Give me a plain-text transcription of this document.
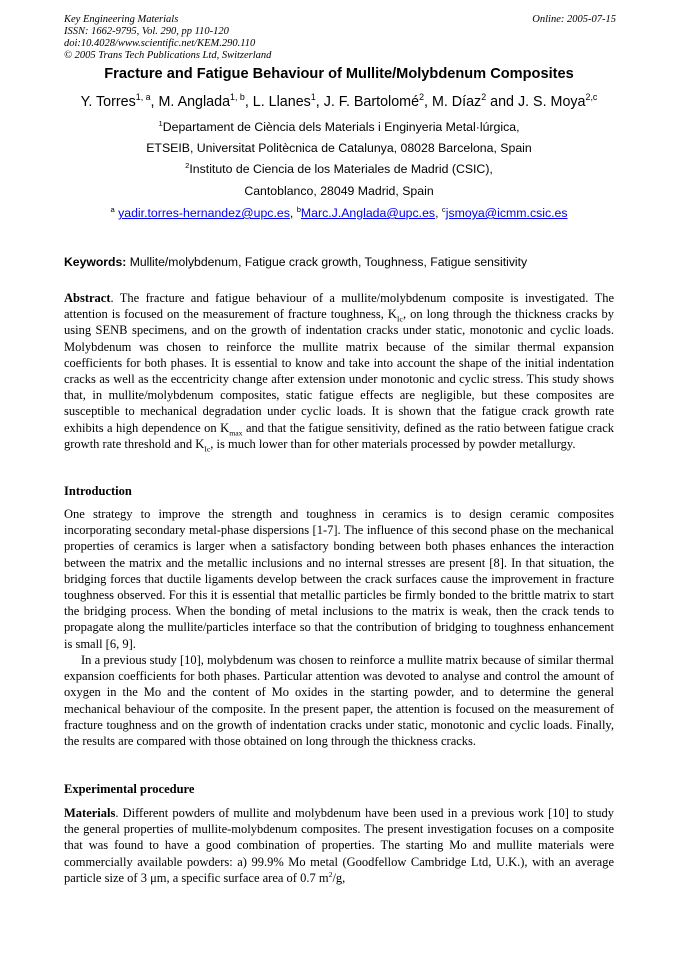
Key Engineering Materials
ISSN: 1662-9795, Vol. 290, pp 110-120
doi:10.4028/www.scientific.net/KEM.290.110
© 2005 Trans Tech Publications Ltd, Switzerland
Online: 2005-07-15
Fracture and Fatigue Behaviour of Mullite/Molybdenum Composites
Y. Torres$^{1, a}$, M. Anglada$^{1, b}$, L. Llanes$^1$, J. F. Bartolomé$^2$, M. Díaz$^2$ and J. S. Moya$^{2,c}$
$^1$Departament de Ciència dels Materials i Enginyeria Metal·lúrgica,
ETSEIB, Universitat Politècnica de Catalunya, 08028 Barcelona, Spain
$^2$Instituto de Ciencia de los Materiales de Madrid (CSIC),
Cantoblanco, 28049 Madrid, Spain
$^a$ yadir.torres-hernandez@upc.es, $^b$Marc.J.Anglada@upc.es, $^c$jsmoya@icmm.csic.es
Keywords: Mullite/molybdenum, Fatigue crack growth, Toughness, Fatigue sensitivity

Abstract. The fracture and fatigue behaviour of a mullite/molybdenum composite is investigated. The attention is focused on the measurement of fracture toughness, $K_{Ic}$, on long through the thickness cracks by using SENB specimens, and on the growth of indentation cracks under static, monotonic and cyclic loads. Molybdenum was chosen to reinforce the mullite matrix because of the similar thermal expansion coefficients for both phases. It is essential to know and take into account the shape of the initial indentation cracks as well as the eccentricity change after extension under monotonic and cyclic stress. This study shows that, in mullite/molybdenum composites, static fatigue effects are negligible, but these composites are susceptible to mechanical degradation under cyclic loads. It is shown that the fatigue crack growth rate exhibits a high dependence on $K_{max}$ and that the fatigue sensitivity, defined as the ratio between fatigue crack growth rate threshold and $K_{Ic}$, is much lower than for other materials processed by powder metallurgy.

Introduction

One strategy to improve the strength and toughness in ceramics is to design ceramic composites incorporating secondary metal-phase dispersions [1-7]. The influence of this second phase on the mechanical properties of ceramics is larger when a satisfactory bonding between both phases enhances the interaction between the matrix and the metallic inclusions and no internal stresses are present [8]. In that situation, the bridging forces that ductile ligaments develop between the crack surfaces cause the improvement in fracture toughness observed. For this it is essential that metallic particles be firmly bonded to the brittle matrix to start the bridging process. When the bonding of metal inclusions to the matrix is weak, then the crack tends to propagate along the mullite/particles interface so that the contribution of bridging to toughness enhancement is small [6, 9].

In a previous study [10], molybdenum was chosen to reinforce a mullite matrix because of similar thermal expansion coefficients for both phases. Particular attention was devoted to analyse and control the amount of oxygen in the Mo and the content of Mo oxides in the starting powder, and to determine the general mechanical behaviour of the composite. In the present paper, the attention is focused on the measurement of fracture toughness and on the growth of indentation cracks under static, monotonic and cyclic loads. Finally, the results are compared with those obtained on long through the thickness cracks.

Experimental procedure

Materials. Different powders of mullite and molybdenum have been used in a previous work [10] to study the general properties of mullite-molybdenum composites. The present investigation focuses on a composite that was found to have a good combination of properties. The starting Mo and mullite materials were commercially available powders: a) 99.9% Mo metal (Goodfellow Cambridge Ltd, U.K.), with an average particle size of 3 μm, a specific surface area of 0.7 $m^2/g$,
